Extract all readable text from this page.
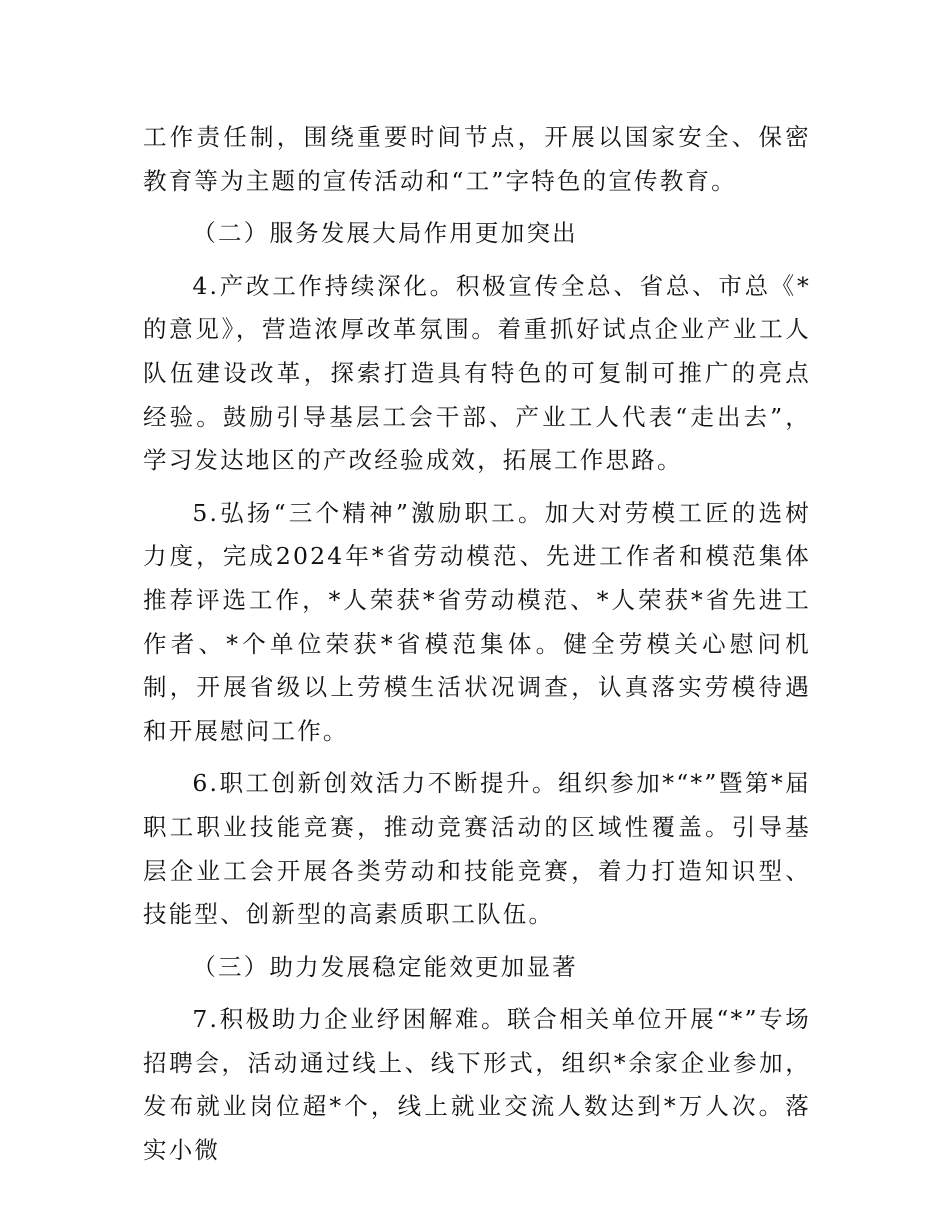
工作责任制，围绕重要时间节点，开展以国家安全、保密教育等为主题的宣传活动和“工”字特色的宣传教育。

（二）服务发展大局作用更加突出

4.产改工作持续深化。积极宣传全总、省总、市总《*的意见》，营造浓厚改革氛围。着重抓好试点企业产业工人队伍建设改革，探索打造具有特色的可复制可推广的亮点经验。鼓励引导基层工会干部、产业工人代表“走出去”，学习发达地区的产改经验成效，拓展工作思路。

5.弘扬“三个精神”激励职工。加大对劳模工匠的选树力度，完成2024年*省劳动模范、先进工作者和模范集体推荐评选工作，*人荣获*省劳动模范、*人荣获*省先进工作者、*个单位荣获*省模范集体。健全劳模关心慰问机制，开展省级以上劳模生活状况调查，认真落实劳模待遇和开展慰问工作。

6.职工创新创效活力不断提升。组织参加*“*”暨第*届职工职业技能竞赛，推动竞赛活动的区域性覆盖。引导基层企业工会开展各类劳动和技能竞赛，着力打造知识型、技能型、创新型的高素质职工队伍。

（三）助力发展稳定能效更加显著

7.积极助力企业纾困解难。联合相关单位开展“*”专场招聘会，活动通过线上、线下形式，组织*余家企业参加，发布就业岗位超*个，线上就业交流人数达到*万人次。落实小微
